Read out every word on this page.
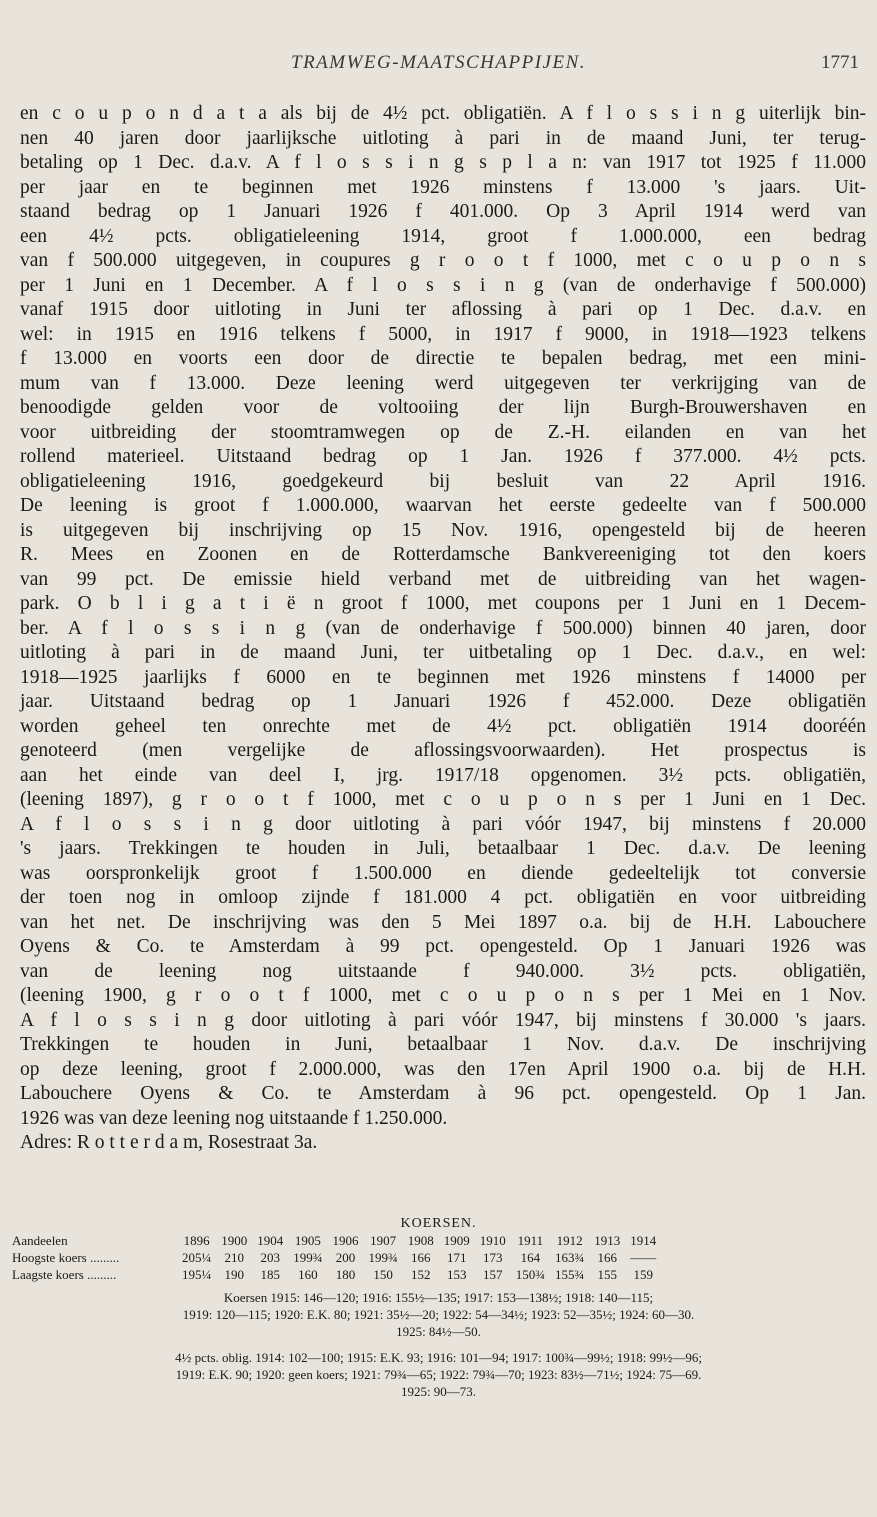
TRAMWEG-MAATSCHAPPIJEN.	1771
en c o u p o n d a t a als bij de 4½ pct. obligatiën. A f l o s s i n g uiterlijk bin-
nen 40 jaren door jaarlijksche uitloting à pari in de maand Juni, ter terug-
betaling op 1 Dec. d.a.v. A f l o s s i n g s p l a n: van 1917 tot 1925 f 11.000
per jaar en te beginnen met 1926 minstens f 13.000 's jaars. Uit-
staand bedrag op 1 Januari 1926 f 401.000. Op 3 April 1914 werd van
een 4½ pcts. obligatieleening 1914, groot f 1.000.000, een bedrag
van f 500.000 uitgegeven, in coupures g r o o t f 1000, met c o u p o n s
per 1 Juni en 1 December. A f l o s s i n g (van de onderhavige f 500.000)
vanaf 1915 door uitloting in Juni ter aflossing à pari op 1 Dec. d.a.v. en
wel: in 1915 en 1916 telkens f 5000, in 1917 f 9000, in 1918—1923 telkens
f 13.000 en voorts een door de directie te bepalen bedrag, met een mini-
mum van f 13.000. Deze leening werd uitgegeven ter verkrijging van de
benoodigde gelden voor de voltooiing der lijn Burgh-Brouwershaven en
voor uitbreiding der stoomtramwegen op de Z.-H. eilanden en van het
rollend materieel. Uitstaand bedrag op 1 Jan. 1926 f 377.000. 4½ pcts.
obligatieleening 1916, goedgekeurd bij besluit van 22 April 1916.
De leening is groot f 1.000.000, waarvan het eerste gedeelte van f 500.000
is uitgegeven bij inschrijving op 15 Nov. 1916, opengesteld bij de heeren
R. Mees en Zoonen en de Rotterdamsche Bankvereeniging tot den koers
van 99 pct. De emissie hield verband met de uitbreiding van het wagen-
park. O b l i g a t i ë n groot f 1000, met coupons per 1 Juni en 1 Decem-
ber. A f l o s s i n g (van de onderhavige f 500.000) binnen 40 jaren, door
uitloting à pari in de maand Juni, ter uitbetaling op 1 Dec. d.a.v., en wel:
1918—1925 jaarlijks f 6000 en te beginnen met 1926 minstens f 14000 per
jaar. Uitstaand bedrag op 1 Januari 1926 f 452.000. Deze obligatiën
worden geheel ten onrechte met de 4½ pct. obligatiën 1914 dooréén
genoteerd (men vergelijke de aflossingsvoorwaarden). Het prospectus is
aan het einde van deel I, jrg. 1917/18 opgenomen. 3½ pcts. obligatiën,
(leening 1897), g r o o t f 1000, met c o u p o n s per 1 Juni en 1 Dec.
A f l o s s i n g door uitloting à pari vóór 1947, bij minstens f 20.000
's jaars. Trekkingen te houden in Juli, betaalbaar 1 Dec. d.a.v. De leening
was oorspronkelijk groot f 1.500.000 en diende gedeeltelijk tot conversie
der toen nog in omloop zijnde f 181.000 4 pct. obligatiën en voor uitbreiding
van het net. De inschrijving was den 5 Mei 1897 o.a. bij de H.H. Labouchere
Oyens & Co. te Amsterdam à 99 pct. opengesteld. Op 1 Januari 1926 was
van de leening nog uitstaande f 940.000. 3½ pcts. obligatiën,
(leening 1900, g r o o t f 1000, met c o u p o n s per 1 Mei en 1 Nov.
A f l o s s i n g door uitloting à pari vóór 1947, bij minstens f 30.000 's jaars.
Trekkingen te houden in Juni, betaalbaar 1 Nov. d.a.v. De inschrijving
op deze leening, groot f 2.000.000, was den 17en April 1900 o.a. bij de H.H.
Labouchere Oyens & Co. te Amsterdam à 96 pct. opengesteld. Op 1 Jan.
1926 was van deze leening nog uitstaande f 1.250.000.
Adres: R o t t e r d a m, Rosestraat 3a.
KOERSEN.
Aandeelen	1896	1900	1904	1905	1906	1907	1908	1909	1910	1911	1912	1913	1914
Hoogste koers .........	205¼	210	203	199¾	200	199¾	166	171	173	164	163¾	166	——
Laagste koers .........	195¼	190	185	160	180	150	152	153	157	150¾	155¾	155	159
Koersen 1915: 146—120; 1916: 155½—135; 1917: 153—138½; 1918: 140—115;
1919: 120—115; 1920: E.K. 80; 1921: 35½—20; 1922: 54—34½; 1923: 52—35½; 1924: 60—30.
1925: 84½—50.
4½ pcts. oblig. 1914: 102—100; 1915: E.K. 93; 1916: 101—94; 1917: 100¾—99½; 1918: 99½—96;
1919: E.K. 90; 1920: geen koers; 1921: 79¾—65; 1922: 79¾—70; 1923: 83½—71½; 1924: 75—69.
1925: 90—73.
